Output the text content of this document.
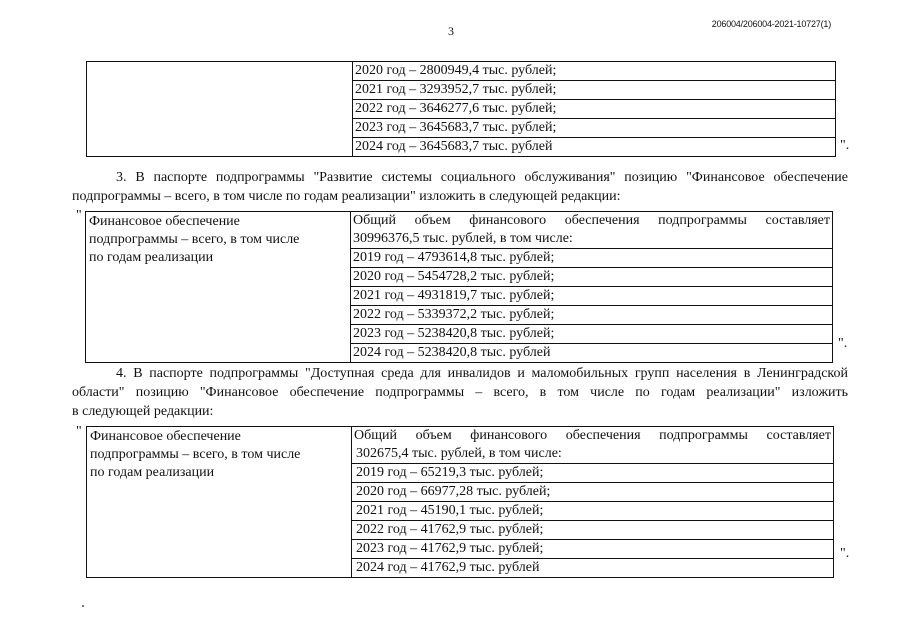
3	206004/206004-2021-10727(1)

2020 год – 2800949,4 тыс. рублей;
2021 год – 3293952,7 тыс. рублей;
2022 год – 3646277,6 тыс. рублей;
2023 год – 3645683,7 тыс. рублей;
2024 год – 3645683,7 тыс. рублей	".
3. В паспорте подпрограммы "Развитие системы социального обслуживания" позицию "Финансовое обеспечение
подпрограммы – всего, в том числе по годам реализации" изложить в следующей редакции:
" Финансовое обеспечение
подпрограммы – всего, в том числе
по годам реализации

Общий объем финансового обеспечения подпрограммы составляет
30996376,5 тыс. рублей, в том числе:
2019 год – 4793614,8 тыс. рублей;
2020 год – 5454728,2 тыс. рублей;
2021 год – 4931819,7 тыс. рублей;
2022 год – 5339372,2 тыс. рублей;
2023 год – 5238420,8 тыс. рублей;
2024 год – 5238420,8 тыс. рублей
".
4. В паспорте подпрограммы "Доступная среда для инвалидов и маломобильных групп населения в Ленинградской
области" позицию "Финансовое обеспечение подпрограммы – всего, в том числе по годам реализации" изложить
в следующей редакции:
" Финансовое обеспечение
подпрограммы – всего, в том числе
по годам реализации

Общий объем финансового обеспечения подпрограммы составляет
302675,4 тыс. рублей, в том числе:
2019 год – 65219,3 тыс. рублей;
2020 год – 66977,28 тыс. рублей;
2021 год – 45190,1 тыс. рублей;
2022 год – 41762,9 тыс. рублей;
2023 год – 41762,9 тыс. рублей;
2024 год – 41762,9 тыс. рублей
".
